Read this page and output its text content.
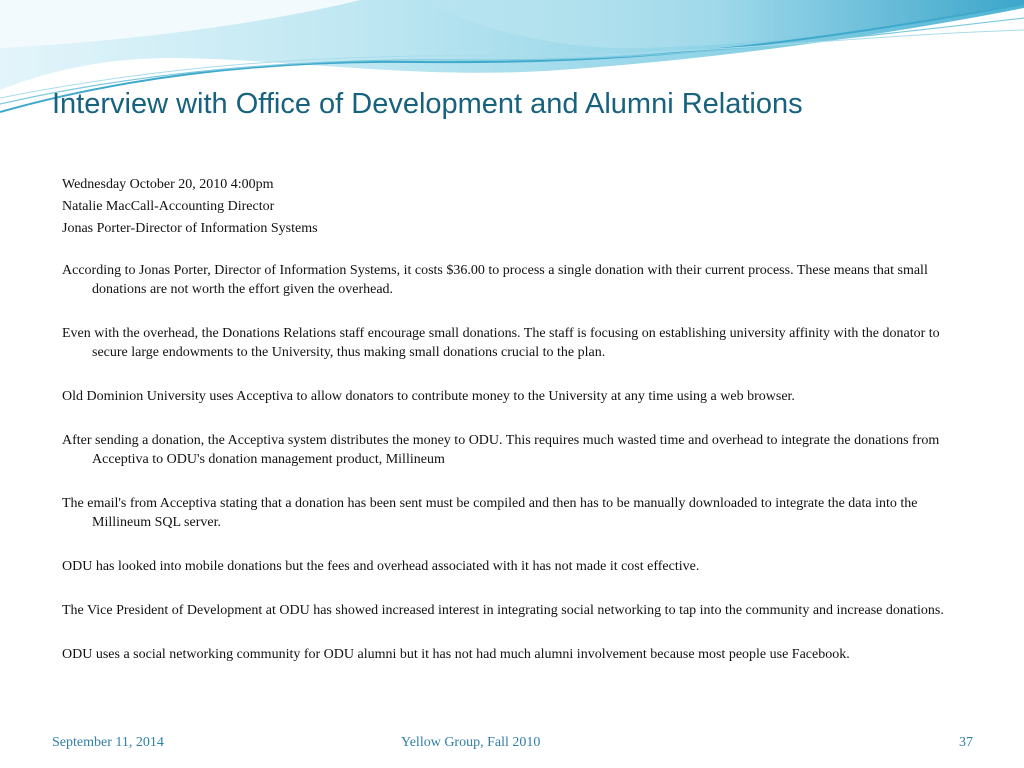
Interview with Office of Development and Alumni Relations

Wednesday October 20, 2010 4:00pm

Natalie MacCall-Accounting Director

Jonas Porter-Director of Information Systems

According to Jonas Porter, Director of Information Systems, it costs $36.00 to process a single donation with their current process. These means that small donations are not worth the effort given the overhead.

Even with the overhead, the Donations Relations staff encourage small donations. The staff is focusing on establishing university affinity with the donator to secure large endowments to the University, thus making small donations crucial to the plan.

Old Dominion University uses Acceptiva to allow donators to contribute money to the University at any time using a web browser.

After sending a donation, the Acceptiva system distributes the money to ODU. This requires much wasted time and overhead to integrate the donations from Acceptiva to ODU's donation management product, Millineum

The email's from Acceptiva stating that a donation has been sent must be compiled and then has to be manually downloaded to integrate the data into the Millineum SQL server.

ODU has looked into mobile donations but the fees and overhead associated with it has not made it cost effective.

The Vice President of Development at ODU has showed increased interest in integrating social networking to tap into the community and increase donations.

ODU uses a social networking community for ODU alumni but it has not had much alumni involvement because most people use Facebook.

September 11, 2014	Yellow Group, Fall 2010	37
